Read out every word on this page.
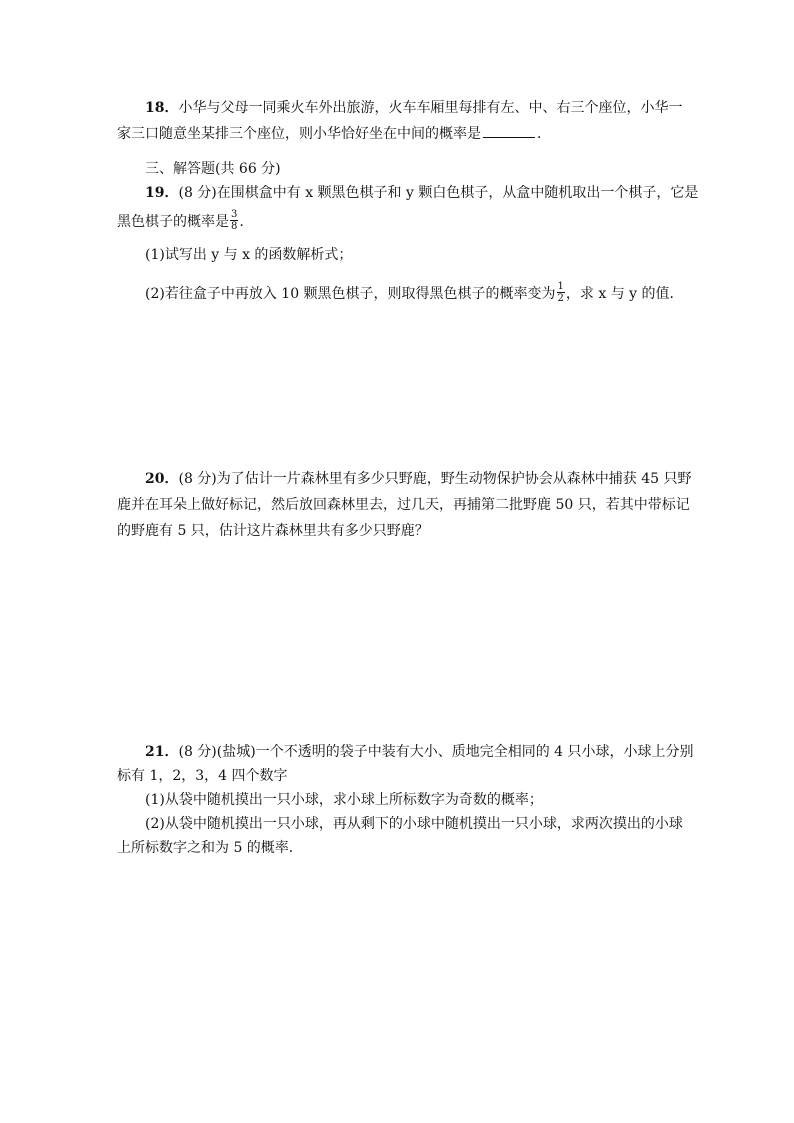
18．小华与父母一同乘火车外出旅游，火车车厢里每排有左、中、右三个座位，小华一
家三口随意坐某排三个座位，则小华恰好坐在中间的概率是	．
三、解答题(共 66 分)
19．(8 分)在围棋盒中有 x 颗黑色棋子和 y 颗白色棋子，从盒中随机取出一个棋子，它是
黑色棋子的概率是 $\frac{3}{8}$ .
(1)试写出 y 与 x 的函数解析式；
(2)若往盒子中再放入 10 颗黑色棋子，则取得黑色棋子的概率变为 $\frac{1}{2}$ ，求 x 与 y 的值．
20．(8 分)为了估计一片森林里有多少只野鹿，野生动物保护协会从森林中捕获 45 只野
鹿并在耳朵上做好标记，然后放回森林里去，过几天，再捕第二批野鹿 50 只，若其中带标记
的野鹿有 5 只，估计这片森林里共有多少只野鹿？
21．(8 分)(盐城)一个不透明的袋子中装有大小、质地完全相同的 4 只小球，小球上分别
标有 1，2，3，4 四个数字
(1)从袋中随机摸出一只小球，求小球上所标数字为奇数的概率；
(2)从袋中随机摸出一只小球，再从剩下的小球中随机摸出一只小球，求两次摸出的小球
上所标数字之和为 5 的概率．
